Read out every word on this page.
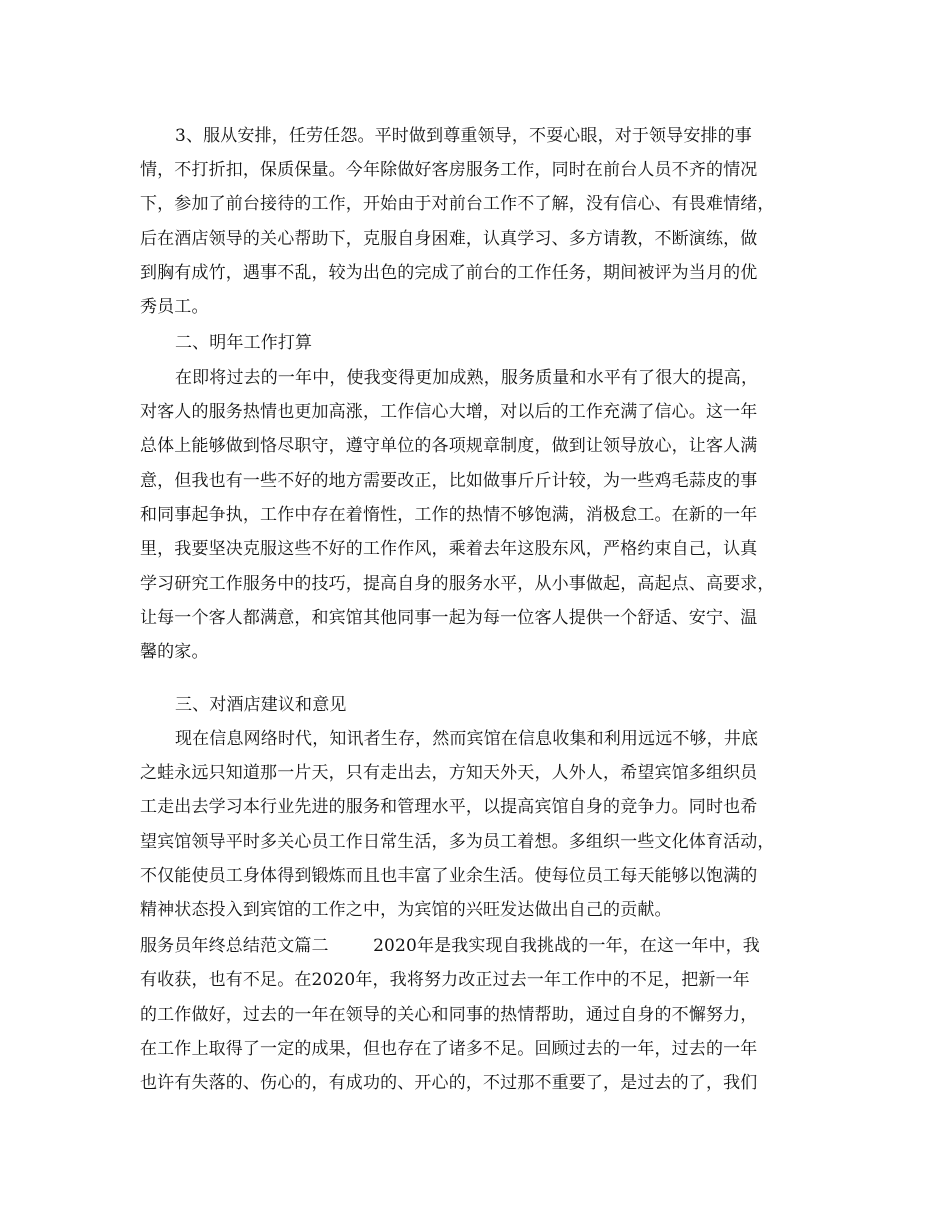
3、服从安排，任劳任怨。平时做到尊重领导，不耍心眼，对于领导安排的事
情，不打折扣，保质保量。今年除做好客房服务工作，同时在前台人员不齐的情况
下，参加了前台接待的工作，开始由于对前台工作不了解，没有信心、有畏难情绪，
后在酒店领导的关心帮助下，克服自身困难，认真学习、多方请教，不断演练，做
到胸有成竹，遇事不乱，较为出色的完成了前台的工作任务，期间被评为当月的优
秀员工。
二、明年工作打算
在即将过去的一年中，使我变得更加成熟，服务质量和水平有了很大的提高，
对客人的服务热情也更加高涨，工作信心大增，对以后的工作充满了信心。这一年
总体上能够做到恪尽职守，遵守单位的各项规章制度，做到让领导放心，让客人满
意，但我也有一些不好的地方需要改正，比如做事斤斤计较，为一些鸡毛蒜皮的事
和同事起争执，工作中存在着惰性，工作的热情不够饱满，消极怠工。在新的一年
里，我要坚决克服这些不好的工作作风，乘着去年这股东风，严格约束自己，认真
学习研究工作服务中的技巧，提高自身的服务水平，从小事做起，高起点、高要求，
让每一个客人都满意，和宾馆其他同事一起为每一位客人提供一个舒适、安宁、温
馨的家。
三、对酒店建议和意见
现在信息网络时代，知讯者生存，然而宾馆在信息收集和利用远远不够，井底
之蛙永远只知道那一片天，只有走出去，方知天外天，人外人，希望宾馆多组织员
工走出去学习本行业先进的服务和管理水平，以提高宾馆自身的竞争力。同时也希
望宾馆领导平时多关心员工作日常生活，多为员工着想。多组织一些文化体育活动，
不仅能使员工身体得到锻炼而且也丰富了业余生活。使每位员工每天能够以饱满的
精神状态投入到宾馆的工作之中，为宾馆的兴旺发达做出自己的贡献。
服务员年终总结范文篇二        2020年是我实现自我挑战的一年，在这一年中，我
有收获，也有不足。在2020年，我将努力改正过去一年工作中的不足，把新一年
的工作做好，过去的一年在领导的关心和同事的热情帮助，通过自身的不懈努力，
在工作上取得了一定的成果，但也存在了诸多不足。回顾过去的一年，过去的一年
也许有失落的、伤心的，有成功的、开心的，不过那不重要了，是过去的了，我们
